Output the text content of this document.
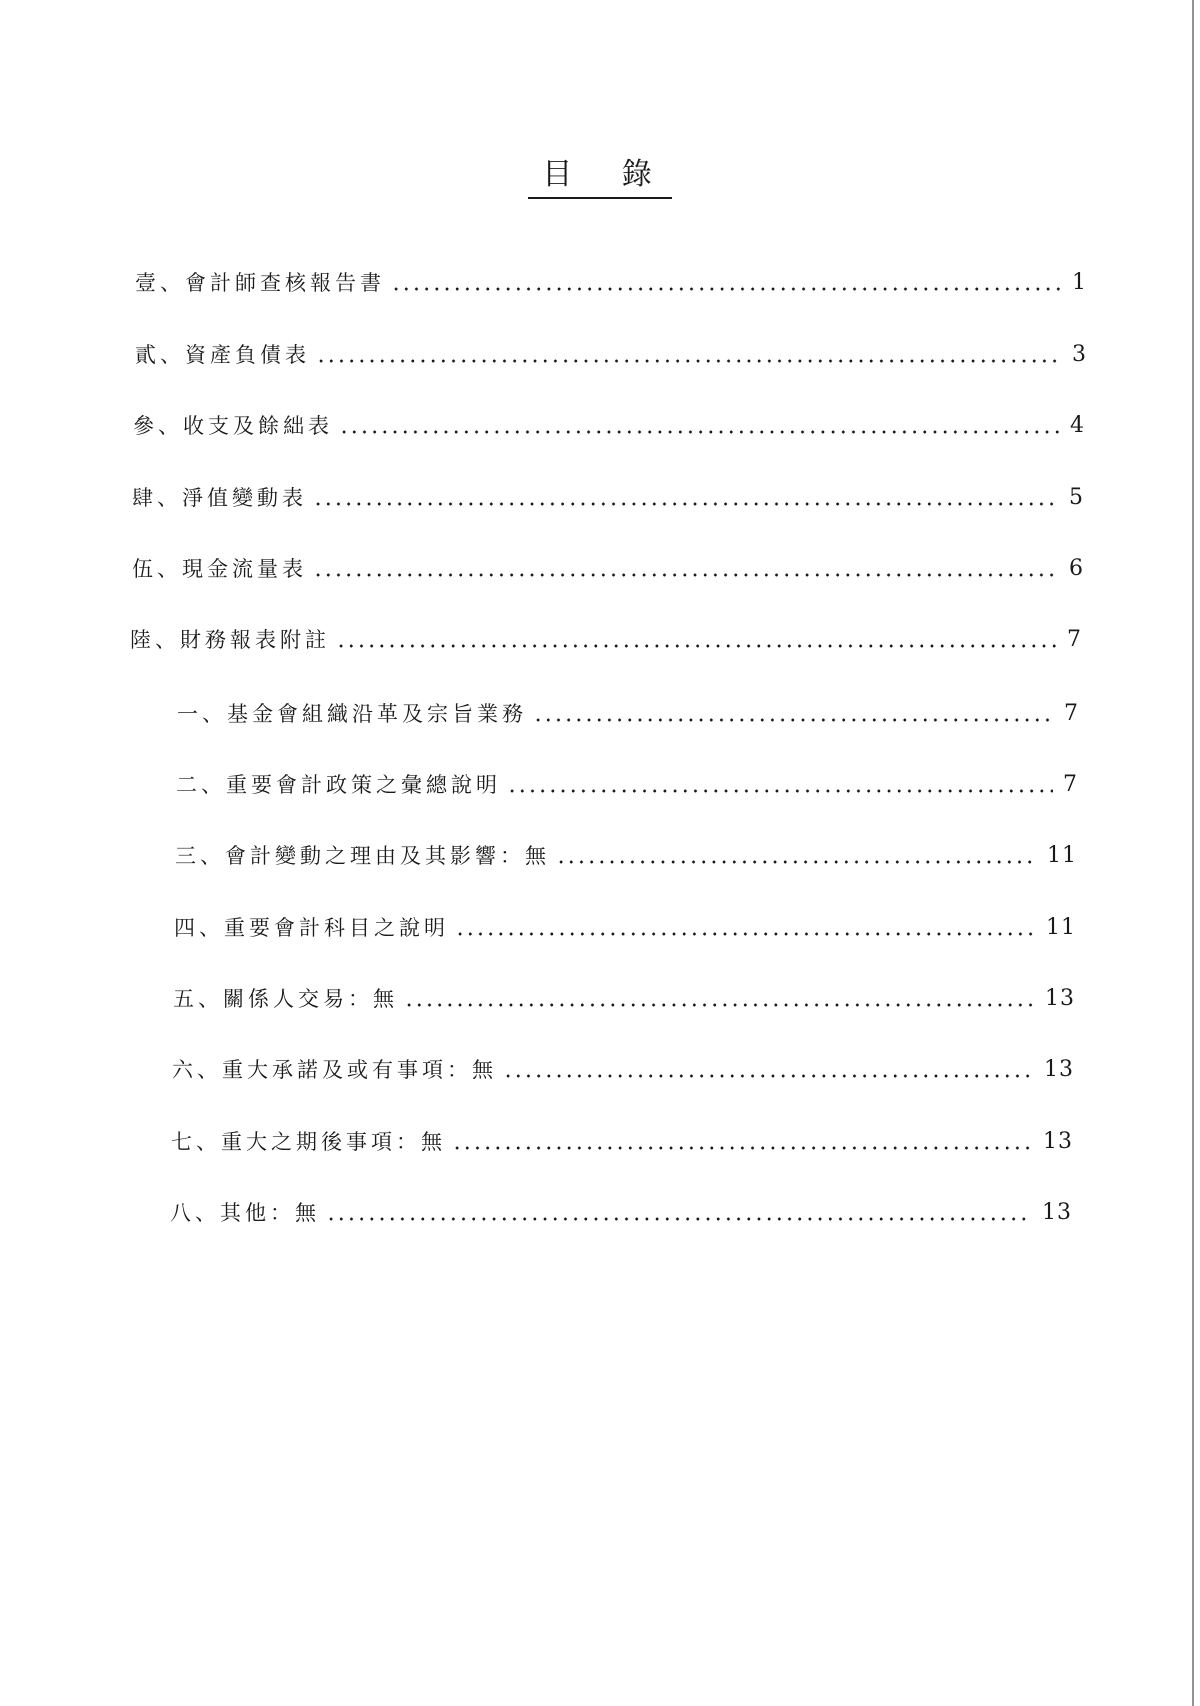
目 錄
壹、會計師查核報告書	1
貳、資產負債表	3
參、收支及餘絀表	4
肆、淨值變動表	5
伍、現金流量表	6
陸、財務報表附註	7
一、基金會組織沿革及宗旨業務	7
二、重要會計政策之彙總說明	7
三、會計變動之理由及其影響：無	11
四、重要會計科目之說明	11
五、關係人交易：無	13
六、重大承諾及或有事項：無	13
七、重大之期後事項：無	13
八、其他：無	13
